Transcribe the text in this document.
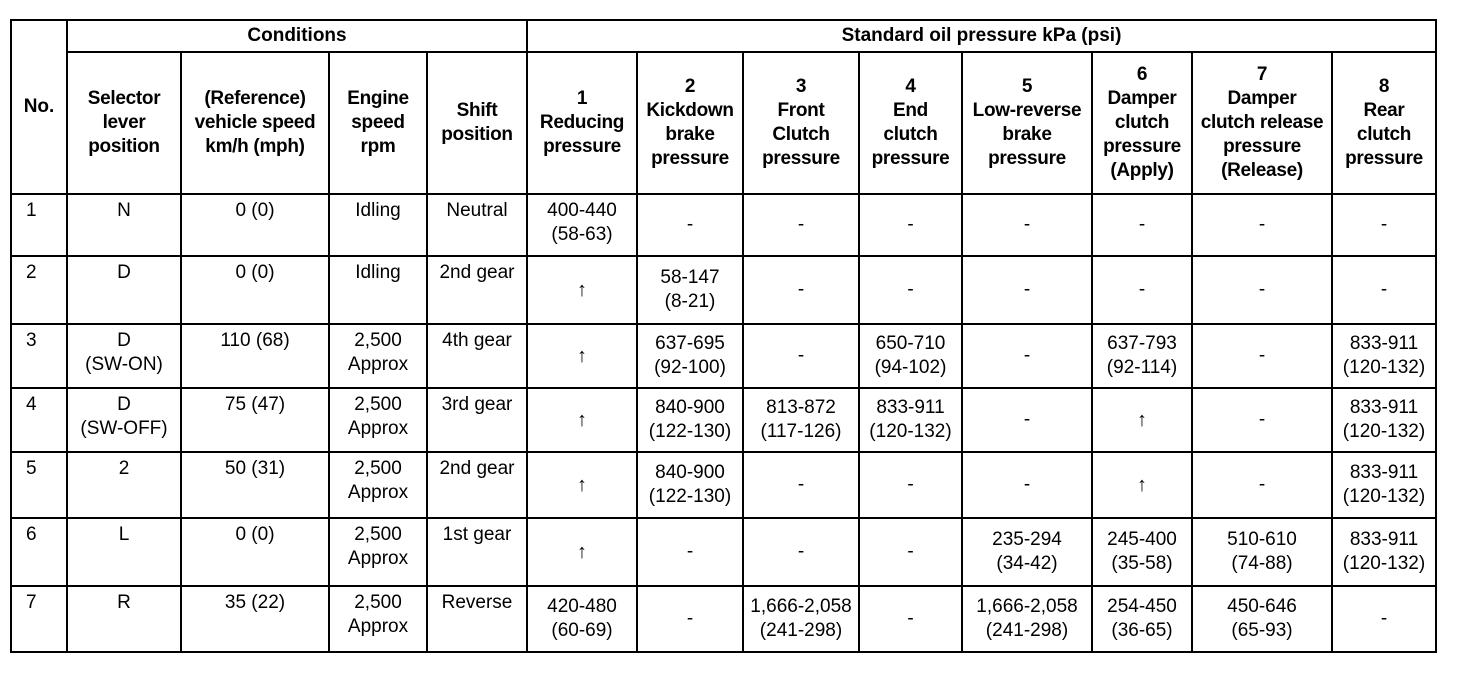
No.	Conditions				Standard oil pressure kPa (psi)							

	Selector
lever
position	(Reference)
vehicle speed
km/h (mph)	Engine
speed
rpm	Shift
position	1
Reducing
pressure	2
Kickdown
brake
pressure	3
Front
Clutch
pressure	4
End
clutch
pressure	5
Low-reverse
brake
pressure	6
Damper
clutch
pressure
(Apply)	7
Damper
clutch release
pressure
(Release)	8
Rear
clutch
pressure

1	N	0 (0)	Idling	Neutral	400-440
(58-63)	-	-	-	-	-	-	-

2	D	0 (0)	Idling	2nd gear	↑	58-147
(8-21)	-	-	-	-	-	-

3	D
(SW-ON)	110 (68)	2,500
Approx	4th gear	↑	637-695
(92-100)	-	650-710
(94-102)	-	637-793
(92-114)	-	833-911
(120-132)

4	D
(SW-OFF)	75 (47)	2,500
Approx	3rd gear	↑	840-900
(122-130)	813-872
(117-126)	833-911
(120-132)	-	↑	-	833-911
(120-132)

5	2	50 (31)	2,500
Approx	2nd gear	↑	840-900
(122-130)	-	-	-	↑	-	833-911
(120-132)

6	L	0 (0)	2,500
Approx	1st gear	↑	-	-	-	235-294
(34-42)	245-400
(35-58)	510-610
(74-88)	833-911
(120-132)

7	R	35 (22)	2,500
Approx	Reverse	420-480
(60-69)	-	1,666-2,058
(241-298)	-	1,666-2,058
(241-298)	254-450
(36-65)	450-646
(65-93)	-
